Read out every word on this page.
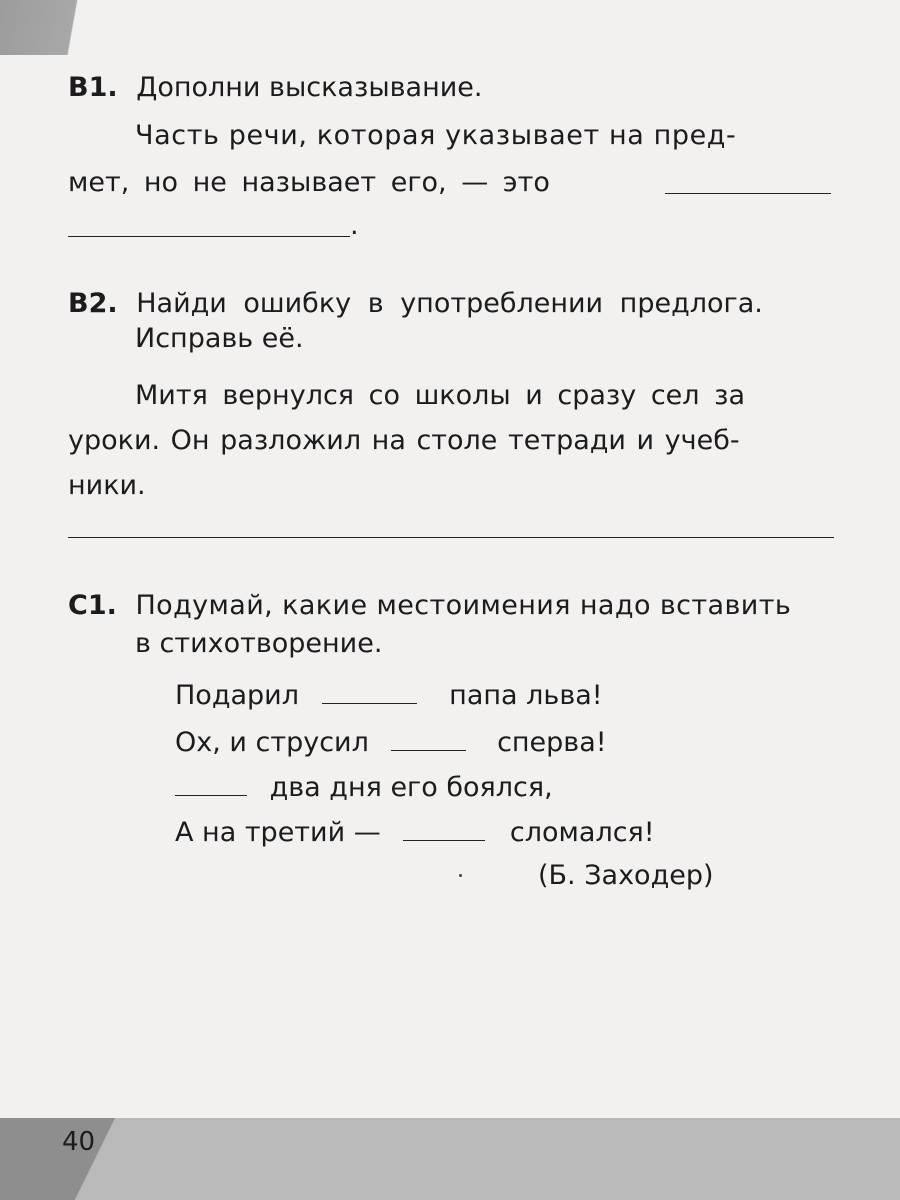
В1. Дополни высказывание.
Часть речи, которая указывает на пред-
мет, но не называет его, — это
.
В2. Найди ошибку в употреблении предлога.
Исправь её.
Митя вернулся со школы и сразу сел за
уроки. Он разложил на столе тетради и учеб-
ники.
С1. Подумай, какие местоимения надо вставить
в стихотворение.
Подарил	папа льва!
Ох, и струсил	сперва!
два дня его боялся,
А на третий —	сломался!
(Б. Заходер)
40
